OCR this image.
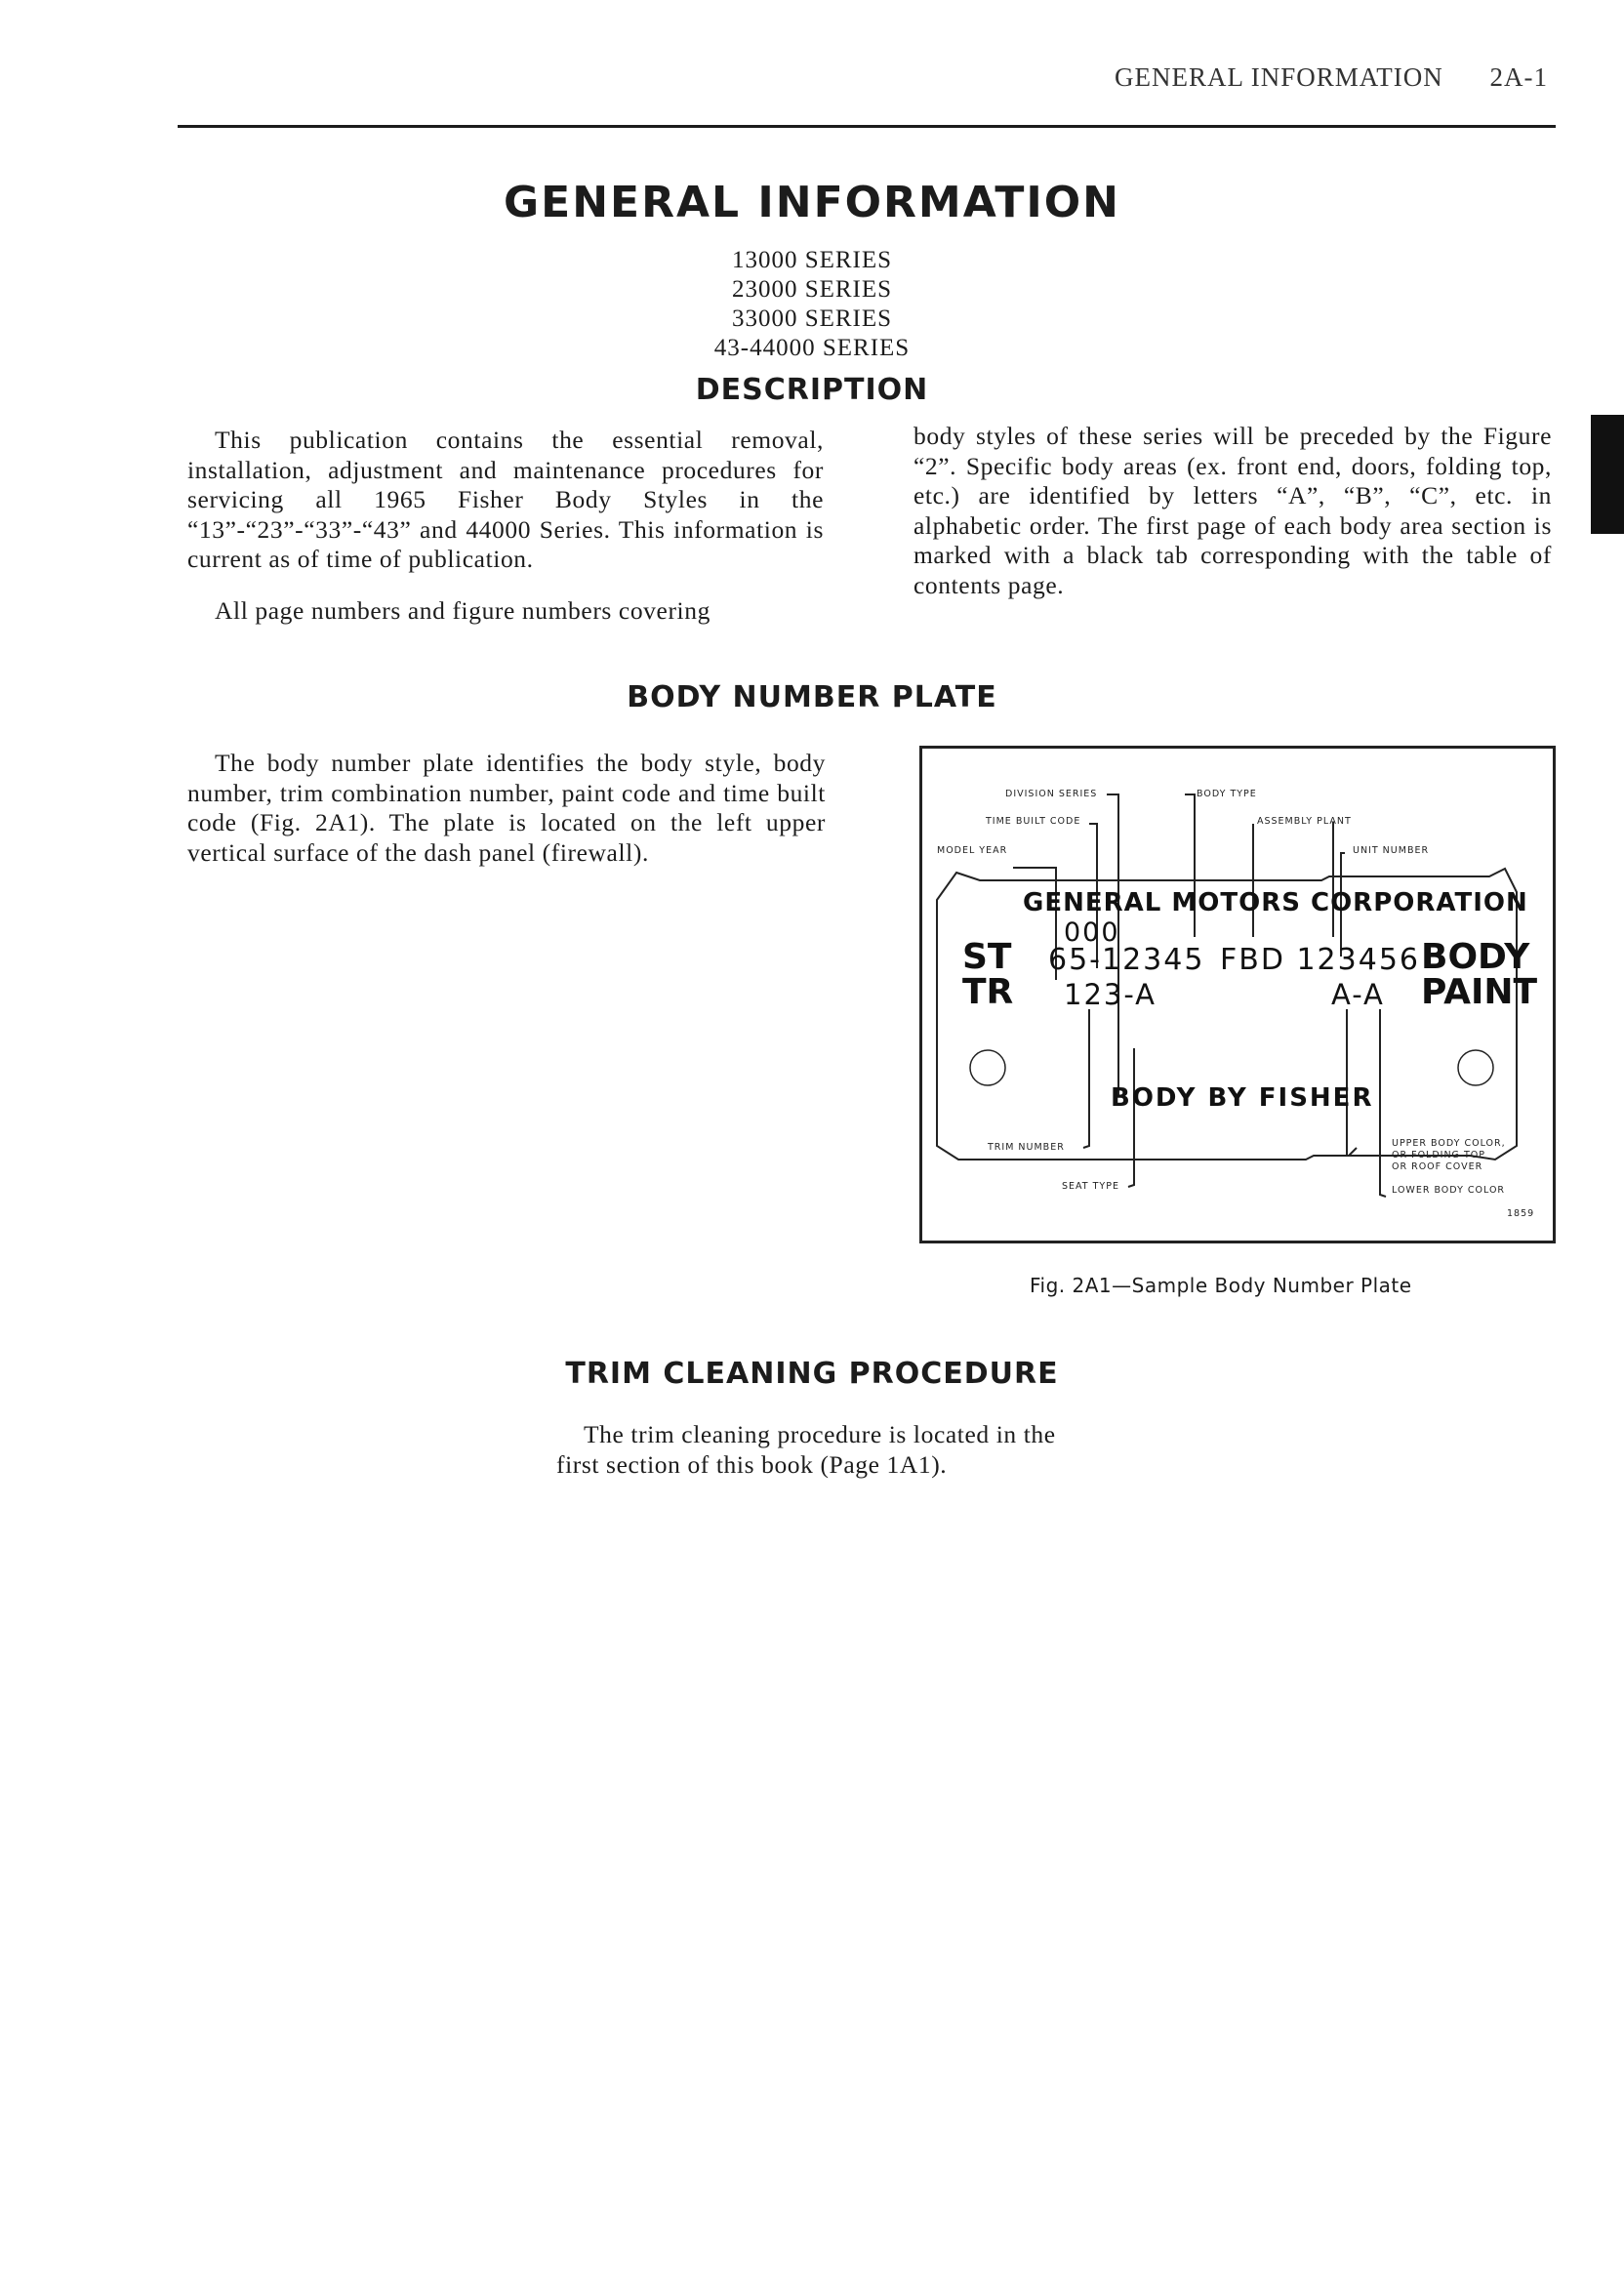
GENERAL INFORMATION 2A-1
GENERAL INFORMATION
13000 SERIES
23000 SERIES
33000 SERIES
43-44000 SERIES
DESCRIPTION

This publication contains the essential removal, installation, adjustment and maintenance procedures for servicing all 1965 Fisher Body Styles in the “13”-“23”-“33”-“43” and 44000 Series. This information is current as of time of publication.

All page numbers and figure numbers covering

body styles of these series will be preceded by the Figure “2”. Specific body areas (ex. front end, doors, folding top, etc.) are identified by letters “A”, “B”, “C”, etc. in alphabetic order. The first page of each body area section is marked with a black tab corresponding with the table of contents page.

BODY NUMBER PLATE

The body number plate identifies the body style, body number, trim combination number, paint code and time built code (Fig. 2A1). The plate is located on the left upper vertical surface of the dash panel (firewall).

DIVISION SERIES	BODY TYPE
TIME BUILT CODE	ASSEMBLY PLANT
MODEL YEAR	UNIT NUMBER
TRIM NUMBER
SEAT TYPE
UPPER BODY COLOR,
OR FOLDING TOP
OR ROOF COVER
LOWER BODY COLOR
1859
GENERAL MOTORS CORPORATION
000
ST 65-12345 FBD 123456 BODY
TR 123-A	A-A PAINT
BODY BY FISHER
Fig. 2A1—Sample Body Number Plate
TRIM CLEANING PROCEDURE

The trim cleaning procedure is located in the

first section of this book (Page 1A1).
